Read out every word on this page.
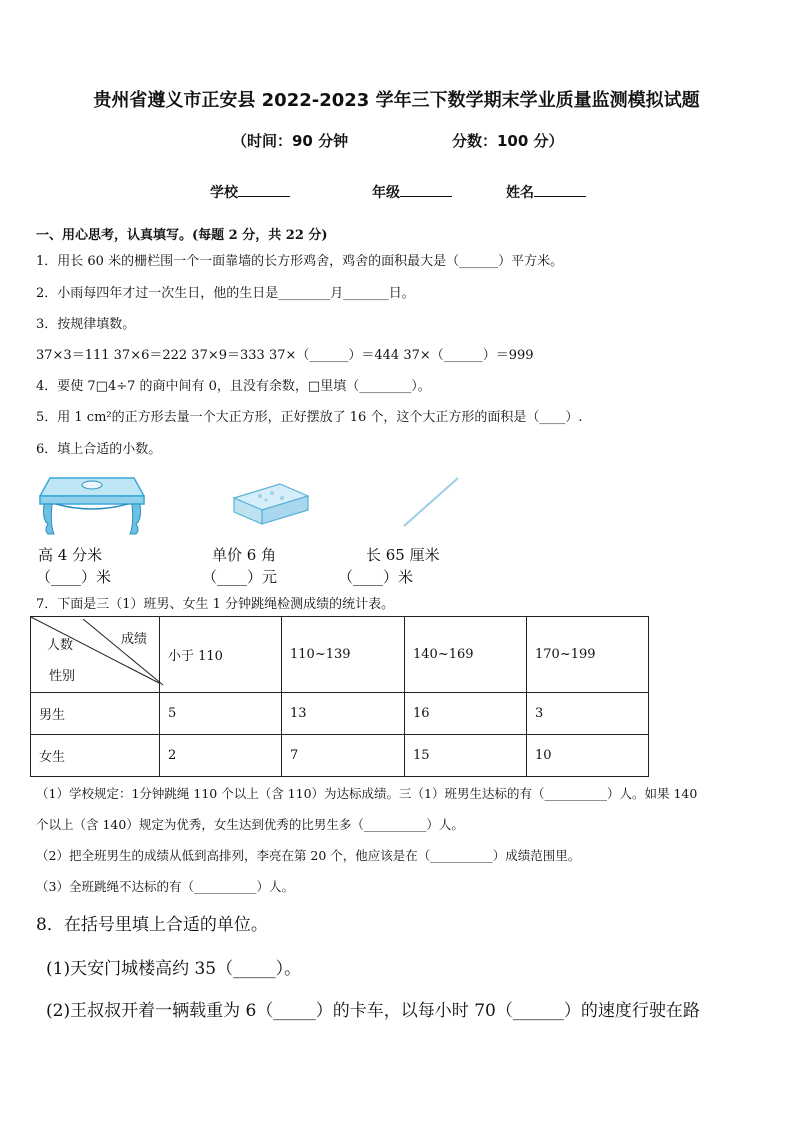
贵州省遵义市正安县 2022-2023 学年三下数学期末学业质量监测模拟试题
（时间：90 分钟	分数：100 分）
学校	年级	姓名
一、用心思考，认真填写。(每题 2 分，共 22 分)
1．用长 60 米的栅栏围一个一面靠墙的长方形鸡舍，鸡舍的面积最大是（______）平方米。
2．小雨每四年才过一次生日，他的生日是________月_______日。
3．按规律填数。
37×3＝111 37×6＝222 37×9＝333 37×（______）＝444 37×（______）＝999
4．要使 7□4÷7 的商中间有 0，且没有余数，□里填（________）。
5．用 1 cm²的正方形去量一个大正方形，正好摆放了 16 个，这个大正方形的面积是（____）.
6．填上合适的小数。
高 4 分米
（____）米
单价 6 角
（____）元
长 65 厘米
（____）米
7．下面是三（1）班男、女生 1 分钟跳绳检测成绩的统计表。
人数 成绩
性别	小于 110	110~139	140~169	170~199
男生	5	13	16	3
女生	2	7	15	10
（1）学校规定：1分钟跳绳 110 个以上（含 110）为达标成绩。三（1）班男生达标的有（__________）人。如果 140
个以上（含 140）规定为优秀，女生达到优秀的比男生多（__________）人。
（2）把全班男生的成绩从低到高排列，李亮在第 20 个，他应该是在（__________）成绩范围里。
（3）全班跳绳不达标的有（__________）人。
8．在括号里填上合适的单位。
(1)天安门城楼高约 35（_____）。
(2)王叔叔开着一辆载重为 6（_____）的卡车，以每小时 70（______）的速度行驶在路
